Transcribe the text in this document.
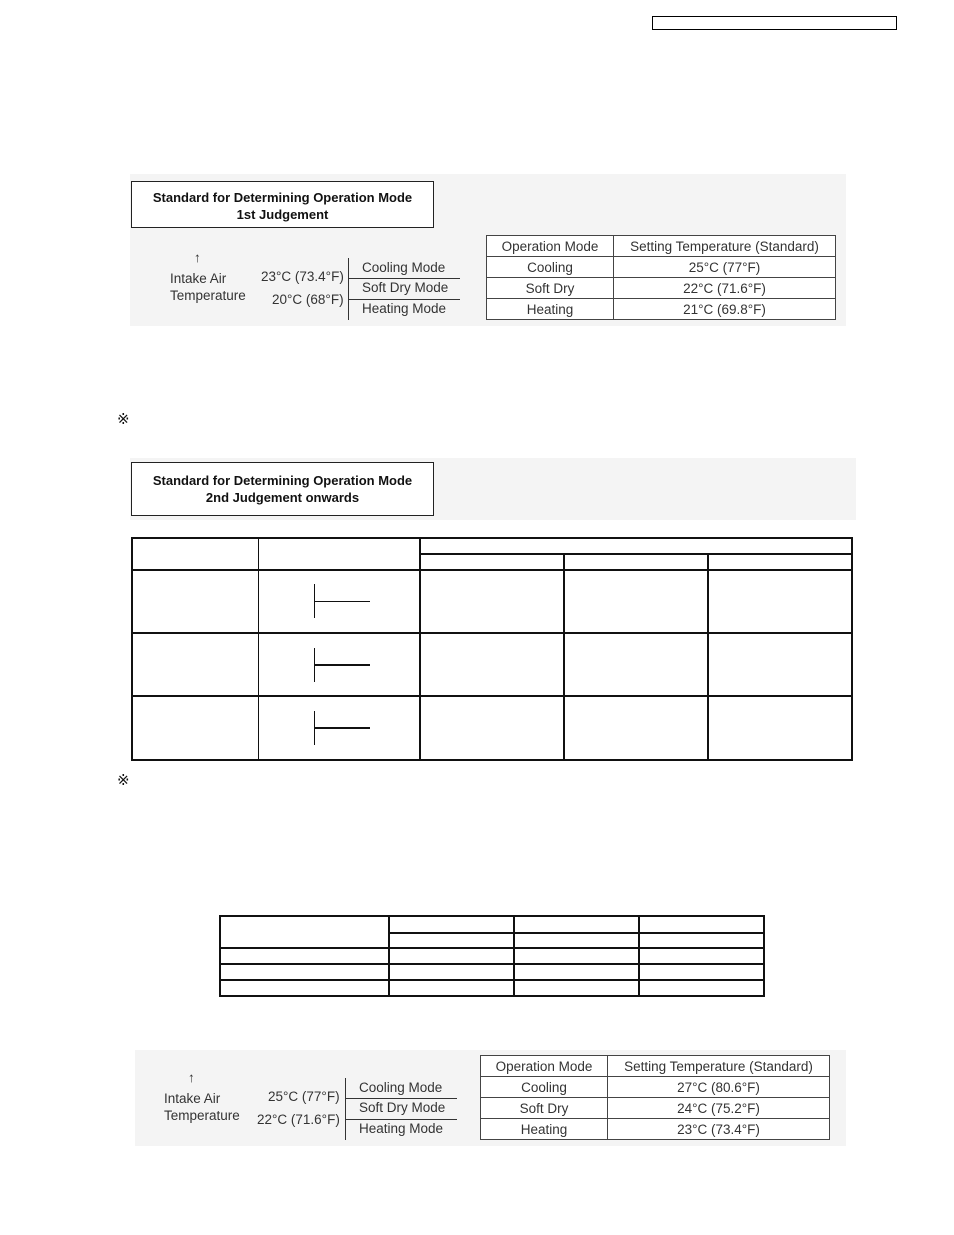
Standard for Determining Operation Mode
1st Judgement
↑
Intake Air
Temperature
23°C (73.4°F)
20°C (68°F)
Cooling Mode
Soft Dry Mode
Heating Mode
Operation Mode	Setting Temperature (Standard)
Cooling	25°C (77°F)
Soft Dry	22°C (71.6°F)
Heating	21°C (69.8°F)
※
Standard for Determining Operation Mode
2nd Judgement onwards
※
↑
Intake Air
Temperature
25°C (77°F)
22°C (71.6°F)
Cooling Mode
Soft Dry Mode
Heating Mode
Operation Mode	Setting Temperature (Standard)
Cooling	27°C (80.6°F)
Soft Dry	24°C (75.2°F)
Heating	23°C (73.4°F)
